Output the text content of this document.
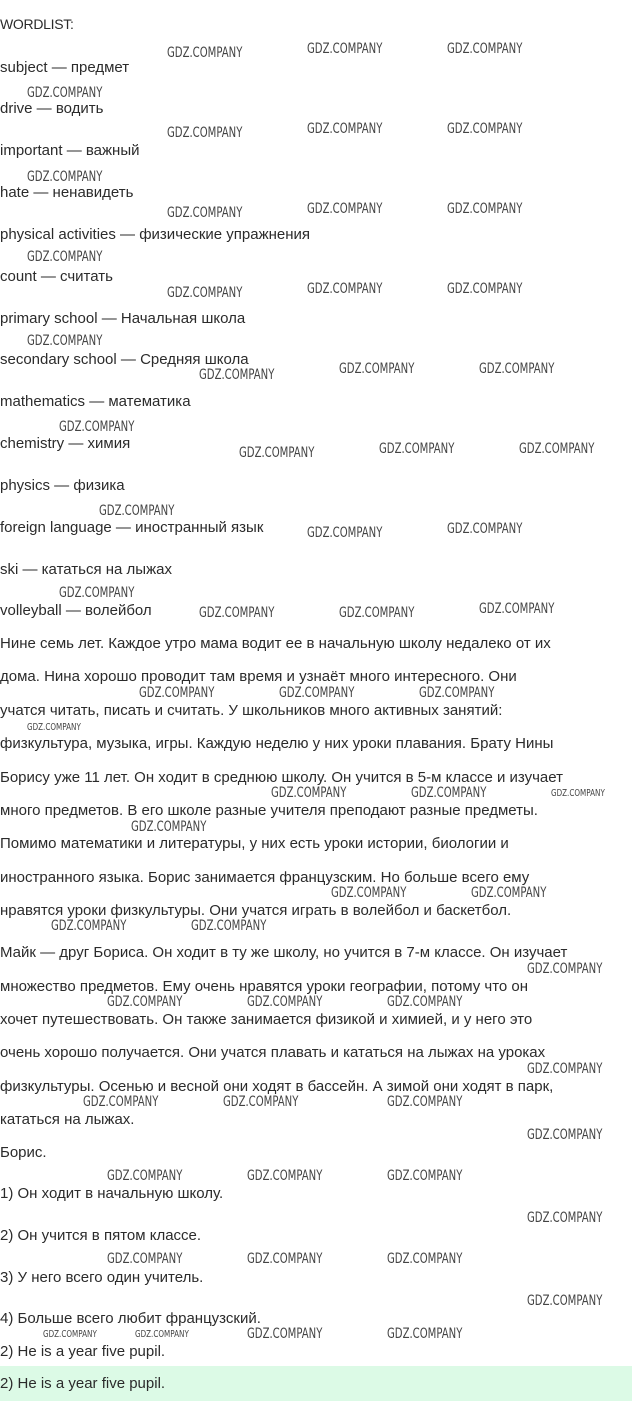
WORDLIST:
subject — предмет
drive — водить
important — важный
hate — ненавидеть
physical activities — физические упражнения
count — считать
primary school — Начальная школа
secondary school — Средняя школа
mathematics — математика
chemistry — химия
physics — физика
foreign language — иностранный язык
ski — кататься на лыжах
volleyball — волейбол
Нине семь лет. Каждое утро мама водит ее в начальную школу недалеко от их
дома. Нина хорошо проводит там время и узнаёт много интересного. Они
учатся читать, писать и считать. У школьников много активных занятий:
физкультура, музыка, игры. Каждую неделю у них уроки плавания. Брату Нины
Борису уже 11 лет. Он ходит в среднюю школу. Он учится в 5-м классе и изучает
много предметов. В его школе разные учителя преподают разные предметы.
Помимо математики и литературы, у них есть уроки истории, биологии и
иностранного языка. Борис занимается французским. Но больше всего ему
нравятся уроки физкультуры. Они учатся играть в волейбол и баскетбол.
Майк — друг Бориса. Он ходит в ту же школу, но учится в 7-м классе. Он изучает
множество предметов. Ему очень нравятся уроки географии, потому что он
хочет путешествовать. Он также занимается физикой и химией, и у него это
очень хорошо получается. Они учатся плавать и кататься на лыжах на уроках
физкультуры. Осенью и весной они ходят в бассейн. А зимой они ходят в парк,
кататься на лыжах.
Борис.
1) Он ходит в начальную школу.
2) Он учится в пятом классе.
3) У него всего один учитель.
4) Больше всего любит французский.
2) He is a year five pupil.
2) He is a year five pupil.
GDZ.COMPANY	GDZ.COMPANY	GDZ.COMPANY
GDZ.COMPANY
GDZ.COMPANY	GDZ.COMPANY	GDZ.COMPANY
GDZ.COMPANY
GDZ.COMPANY	GDZ.COMPANY	GDZ.COMPANY
GDZ.COMPANY
GDZ.COMPANY	GDZ.COMPANY	GDZ.COMPANY
GDZ.COMPANY
GDZ.COMPANY	GDZ.COMPANY	GDZ.COMPANY
GDZ.COMPANY
GDZ.COMPANY	GDZ.COMPANY	GDZ.COMPANY
GDZ.COMPANY
GDZ.COMPANY	GDZ.COMPANY
GDZ.COMPANY
GDZ.COMPANY	GDZ.COMPANY	GDZ.COMPANY
GDZ.COMPANY	GDZ.COMPANY	GDZ.COMPANY
GDZ.COMPANY
GDZ.COMPANY	GDZ.COMPANY	GDZ.COMPANY
GDZ.COMPANY
GDZ.COMPANY	GDZ.COMPANY
GDZ.COMPANY	GDZ.COMPANY
GDZ.COMPANY
GDZ.COMPANY	GDZ.COMPANY	GDZ.COMPANY
GDZ.COMPANY
GDZ.COMPANY	GDZ.COMPANY	GDZ.COMPANY
GDZ.COMPANY
GDZ.COMPANY	GDZ.COMPANY	GDZ.COMPANY
GDZ.COMPANY
GDZ.COMPANY	GDZ.COMPANY	GDZ.COMPANY
GDZ.COMPANY
GDZ.COMPANY	GDZ.COMPANY	GDZ.COMPANY	GDZ.COMPANY
